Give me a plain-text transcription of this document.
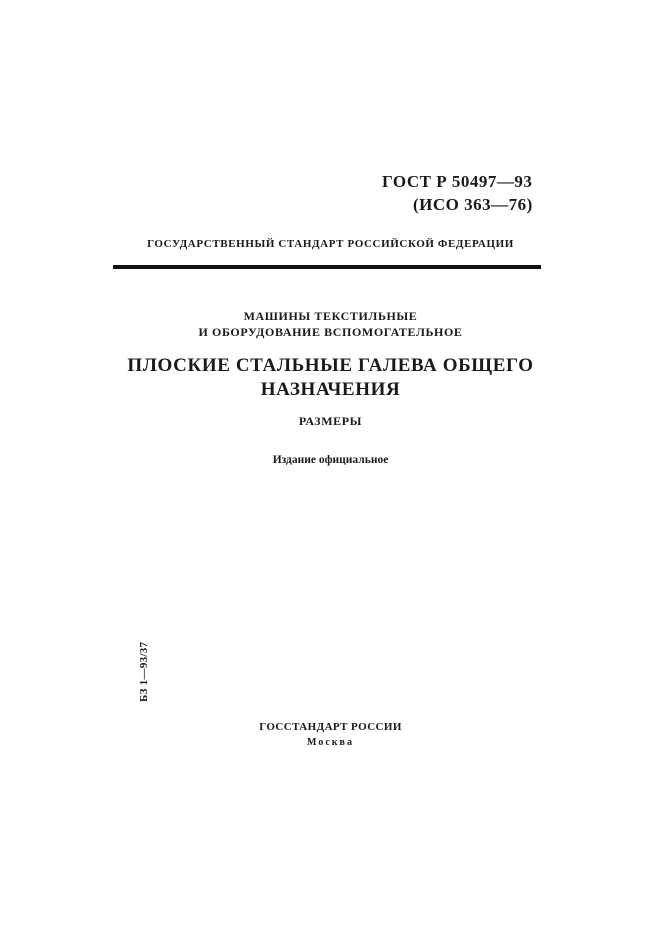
ГОСТ Р 50497—93
(ИСО 363—76)
ГОСУДАРСТВЕННЫЙ СТАНДАРТ РОССИЙСКОЙ ФЕДЕРАЦИИ
МАШИНЫ ТЕКСТИЛЬНЫЕ
И ОБОРУДОВАНИЕ ВСПОМОГАТЕЛЬНОЕ
ПЛОСКИЕ СТАЛЬНЫЕ ГАЛЕВА ОБЩЕГО
НАЗНАЧЕНИЯ
РАЗМЕРЫ
Издание официальное
БЗ 1—93/37
ГОССТАНДАРТ РОССИИ
Москва
